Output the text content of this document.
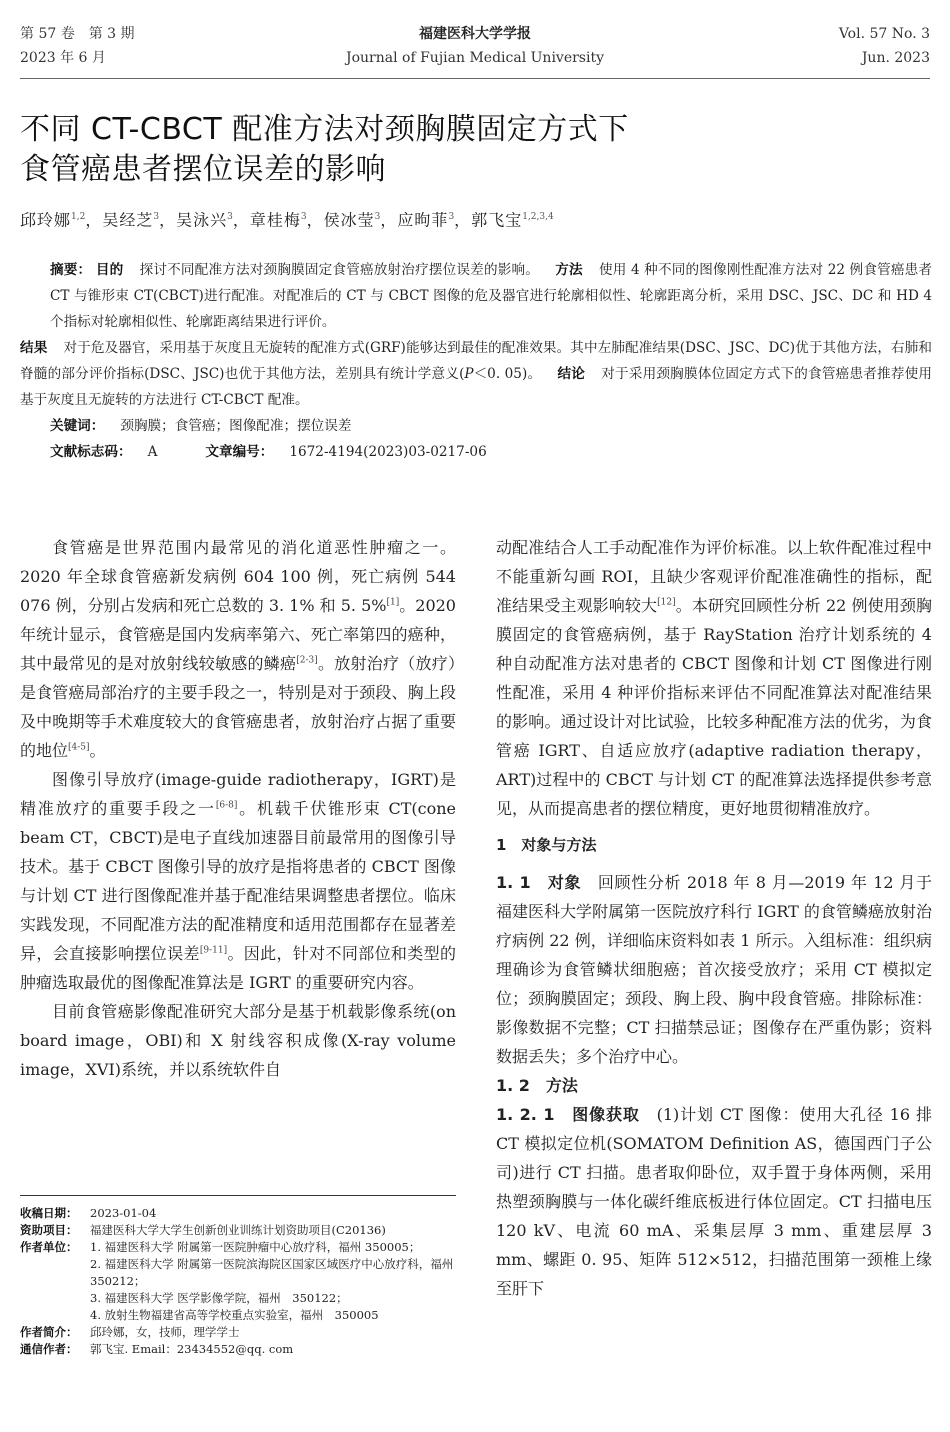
第 57 卷　第 3 期
2023 年 6 月
福建医科大学学报
Journal of Fujian Medical University
Vol. 57 No. 3
Jun. 2023
不同 CT-CBCT 配准方法对颈胸膜固定方式下
食管癌患者摆位误差的影响
邱玲娜$^{1,2}$，吴经芝$^3$，吴泳兴$^3$，章桂梅$^3$，侯冰莹$^3$，应昫菲$^3$，郭飞宝$^{1,2,3,4}$

摘要： 目的 探讨不同配准方法对颈胸膜固定食管癌放射治疗摆位误差的影响。 方法 使用 4 种不同的图像刚性配准方法对 22 例食管癌患者 CT 与锥形束 CT(CBCT)进行配准。对配准后的 CT 与 CBCT 图像的危及器官进行轮廓相似性、轮廓距离分析，采用 DSC、JSC、DC 和 HD 4 个指标对轮廓相似性、轮廓距离结果进行评价。

结果 对于危及器官，采用基于灰度且无旋转的配准方式(GRF)能够达到最佳的配准效果。其中左肺配准结果(DSC、JSC、DC)优于其他方法，右肺和脊髓的部分评价指标(DSC、JSC)也优于其他方法，差别具有统计学意义(P＜0. 05)。 结论 对于采用颈胸膜体位固定方式下的食管癌患者推荐使用基于灰度且无旋转的方法进行 CT-CBCT 配准。

关键词： 颈胸膜；食管癌；图像配准；摆位误差

文献标志码： A	文章编号： 1672-4194(2023)03-0217-06

食管癌是世界范围内最常见的消化道恶性肿瘤之一。2020 年全球食管癌新发病例 604 100 例，死亡病例 544 076 例，分别占发病和死亡总数的 3. 1% 和 5. 5%[1]。2020 年统计显示，食管癌是国内发病率第六、死亡率第四的癌种，其中最常见的是对放射线较敏感的鳞癌[2-3]。放射治疗（放疗）是食管癌局部治疗的主要手段之一，特别是对于颈段、胸上段及中晚期等手术难度较大的食管癌患者，放射治疗占据了重要的地位[4-5]。

图像引导放疗(image-guide radiotherapy，IGRT)是精准放疗的重要手段之一[6-8]。机载千伏锥形束 CT(cone beam CT，CBCT)是电子直线加速器目前最常用的图像引导技术。基于 CBCT 图像引导的放疗是指将患者的 CBCT 图像与计划 CT 进行图像配准并基于配准结果调整患者摆位。临床实践发现，不同配准方法的配准精度和适用范围都存在显著差异，会直接影响摆位误差[9-11]。因此，针对不同部位和类型的肿瘤选取最优的图像配准算法是 IGRT 的重要研究内容。

目前食管癌影像配准研究大部分是基于机载影像系统(on board image，OBI)和 X 射线容积成像(X-ray volume image，XVI)系统，并以系统软件自

动配准结合人工手动配准作为评价标准。以上软件配准过程中不能重新勾画 ROI，且缺少客观评价配准准确性的指标，配准结果受主观影响较大[12]。本研究回顾性分析 22 例使用颈胸膜固定的食管癌病例，基于 RayStation 治疗计划系统的 4 种自动配准方法对患者的 CBCT 图像和计划 CT 图像进行刚性配准，采用 4 种评价指标来评估不同配准算法对配准结果的影响。通过设计对比试验，比较多种配准方法的优劣，为食管癌 IGRT、自适应放疗(adaptive radiation therapy，ART)过程中的 CBCT 与计划 CT 的配准算法选择提供参考意见，从而提高患者的摆位精度，更好地贯彻精准放疗。

1　对象与方法

1. 1　对象　回顾性分析 2018 年 8 月—2019 年 12 月于福建医科大学附属第一医院放疗科行 IGRT 的食管鳞癌放射治疗病例 22 例，详细临床资料如表 1 所示。入组标准：组织病理确诊为食管鳞状细胞癌；首次接受放疗；采用 CT 模拟定位；颈胸膜固定；颈段、胸上段、胸中段食管癌。排除标准：影像数据不完整；CT 扫描禁忌证；图像存在严重伪影；资料数据丢失；多个治疗中心。

1. 2　方法

1. 2. 1　图像获取　(1)计划 CT 图像：使用大孔径 16 排 CT 模拟定位机(SOMATOM Definition AS，德国西门子公司)进行 CT 扫描。患者取仰卧位，双手置于身体两侧，采用热塑颈胸膜与一体化碳纤维底板进行体位固定。CT 扫描电压 120 kV、电流 60 mA、采集层厚 3 mm、重建层厚 3 mm、螺距 0. 95、矩阵 512×512，扫描范围第一颈椎上缘至肝下

收稿日期：	2023-01-04
资助项目：	福建医科大学大学生创新创业训练计划资助项目(C20136)
作者单位：	1. 福建医科大学 附属第一医院肿瘤中心放疗科，福州 350005；
2. 福建医科大学 附属第一医院滨海院区国家区域医疗中心放疗科，福州　350212；
3. 福建医科大学 医学影像学院，福州　350122；
4. 放射生物福建省高等学校重点实验室，福州　350005
作者简介：	邱玲娜，女，技师，理学学士
通信作者：	郭飞宝. Email：23434552@qq. com
